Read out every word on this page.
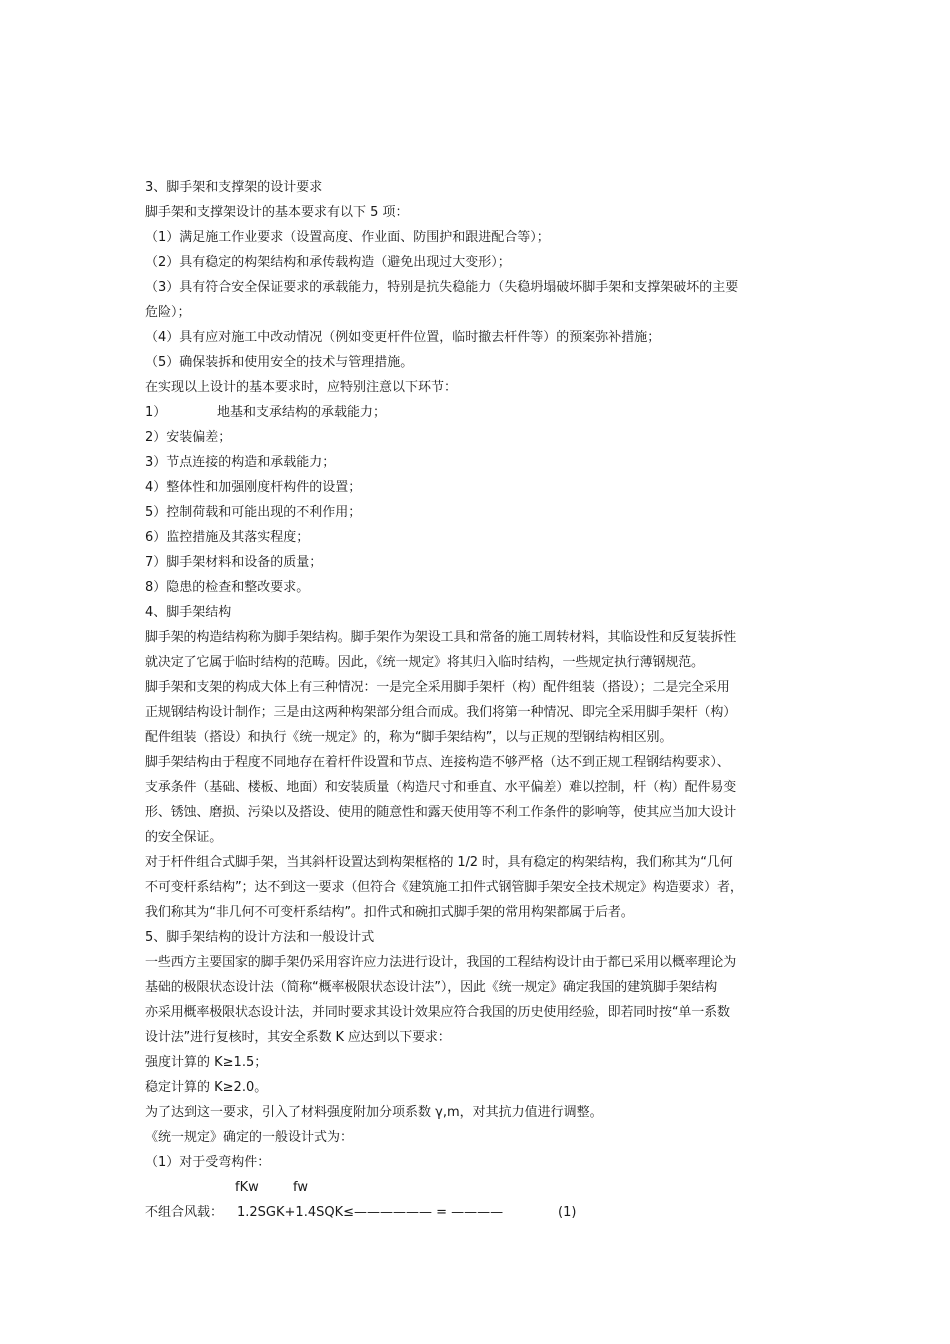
3、脚手架和支撑架的设计要求
脚手架和支撑架设计的基本要求有以下 5 项：
（1）满足施工作业要求（设置高度、作业面、防围护和跟进配合等）；
（2）具有稳定的构架结构和承传载构造（避免出现过大变形）；
（3）具有符合安全保证要求的承载能力，特别是抗失稳能力（失稳坍塌破坏脚手架和支撑架破坏的主要
危险）；
（4）具有应对施工中改动情况（例如变更杆件位置，临时撤去杆件等）的预案弥补措施；
（5）确保装拆和使用安全的技术与管理措施。
在实现以上设计的基本要求时，应特别注意以下环节：
1）	地基和支承结构的承载能力；
2）安装偏差；
3）节点连接的构造和承载能力；
4）整体性和加强刚度杆构件的设置；
5）控制荷载和可能出现的不利作用；
6）监控措施及其落实程度；
7）脚手架材料和设备的质量；
8）隐患的检查和整改要求。
4、脚手架结构
脚手架的构造结构称为脚手架结构。脚手架作为架设工具和常备的施工周转材料，其临设性和反复装拆性
就决定了它属于临时结构的范畴。因此，《统一规定》将其归入临时结构，一些规定执行薄钢规范。
脚手架和支架的构成大体上有三种情况：一是完全采用脚手架杆（构）配件组装（搭设）；二是完全采用
正规钢结构设计制作；三是由这两种构架部分组合而成。我们将第一种情况、即完全采用脚手架杆（构）
配件组装（搭设）和执行《统一规定》的，称为“脚手架结构”，以与正规的型钢结构相区别。
脚手架结构由于程度不同地存在着杆件设置和节点、连接构造不够严格（达不到正规工程钢结构要求）、
支承条件（基础、楼板、地面）和安装质量（构造尺寸和垂直、水平偏差）难以控制，杆（构）配件易变
形、锈蚀、磨损、污染以及搭设、使用的随意性和露天使用等不利工作条件的影响等，使其应当加大设计
的安全保证。
对于杆件组合式脚手架，当其斜杆设置达到构架框格的 1/2 时，具有稳定的构架结构，我们称其为“几何
不可变杆系结构”；达不到这一要求（但符合《建筑施工扣件式钢管脚手架安全技术规定》构造要求）者，
我们称其为“非几何不可变杆系结构”。扣件式和碗扣式脚手架的常用构架都属于后者。
5、脚手架结构的设计方法和一般设计式
一些西方主要国家的脚手架仍采用容许应力法进行设计，我国的工程结构设计由于都已采用以概率理论为
基础的极限状态设计法（简称“概率极限状态设计法”），因此《统一规定》确定我国的建筑脚手架结构
亦采用概率极限状态设计法，并同时要求其设计效果应符合我国的历史使用经验，即若同时按“单一系数
设计法”进行复核时，其安全系数 K 应达到以下要求：
强度计算的 K≥1.5；
稳定计算的 K≥2.0。
为了达到这一要求，引入了材料强度附加分项系数 γ,m，对其抗力值进行调整。
《统一规定》确定的一般设计式为：
（1）对于受弯构件：
fKw	fw
不组合风载： 1.2SGK+1.4SQK≤—————— = ————	(1)
